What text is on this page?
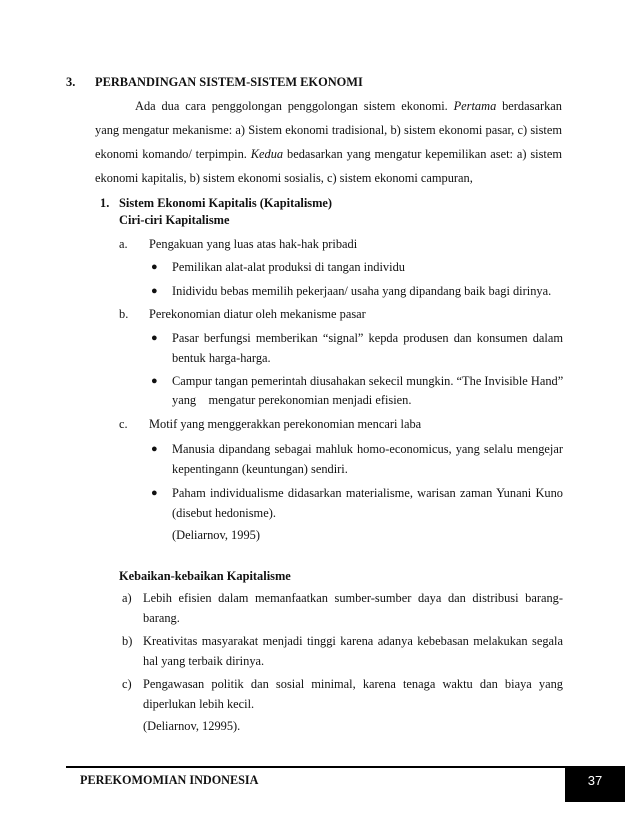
3. PERBANDINGAN SISTEM-SISTEM EKONOMI
Ada dua cara penggolongan penggolongan sistem ekonomi. Pertama berdasarkan
yang mengatur mekanisme: a) Sistem ekonomi tradisional, b) sistem ekonomi pasar, c) sistem
ekonomi komando/ terpimpin. Kedua bedasarkan yang mengatur kepemilikan aset: a) sistem
ekonomi kapitalis, b) sistem ekonomi sosialis, c) sistem ekonomi campuran,
1. Sistem Ekonomi Kapitalis (Kapitalisme)
Ciri-ciri Kapitalisme
a. Pengakuan yang luas atas hak-hak pribadi
● Pemilikan alat-alat produksi di tangan individu
● Inidividu bebas memilih pekerjaan/ usaha yang dipandang baik bagi dirinya.
b. Perekonomian diatur oleh mekanisme pasar
● Pasar berfungsi memberikan “signal” kepda produsen dan konsumen dalam
bentuk harga-harga.
● Campur tangan pemerintah diusahakan sekecil mungkin. “The Invisible Hand”
yang    mengatur perekonomian menjadi efisien.
c. Motif yang menggerakkan perekonomian mencari laba
● Manusia dipandang sebagai mahluk homo-economicus, yang selalu mengejar
kepentingann (keuntungan) sendiri.
● Paham individualisme didasarkan materialisme, warisan zaman Yunani Kuno
(disebut hedonisme).
(Deliarnov, 1995)
Kebaikan-kebaikan Kapitalisme
a) Lebih efisien dalam memanfaatkan sumber-sumber daya dan distribusi barang-
barang.
b) Kreativitas masyarakat menjadi tinggi karena adanya kebebasan melakukan segala
hal yang terbaik dirinya.
c) Pengawasan politik dan sosial minimal, karena tenaga waktu dan biaya yang
diperlukan lebih kecil.
(Deliarnov, 12995).
PEREKOMOMIAN INDONESIA	37
